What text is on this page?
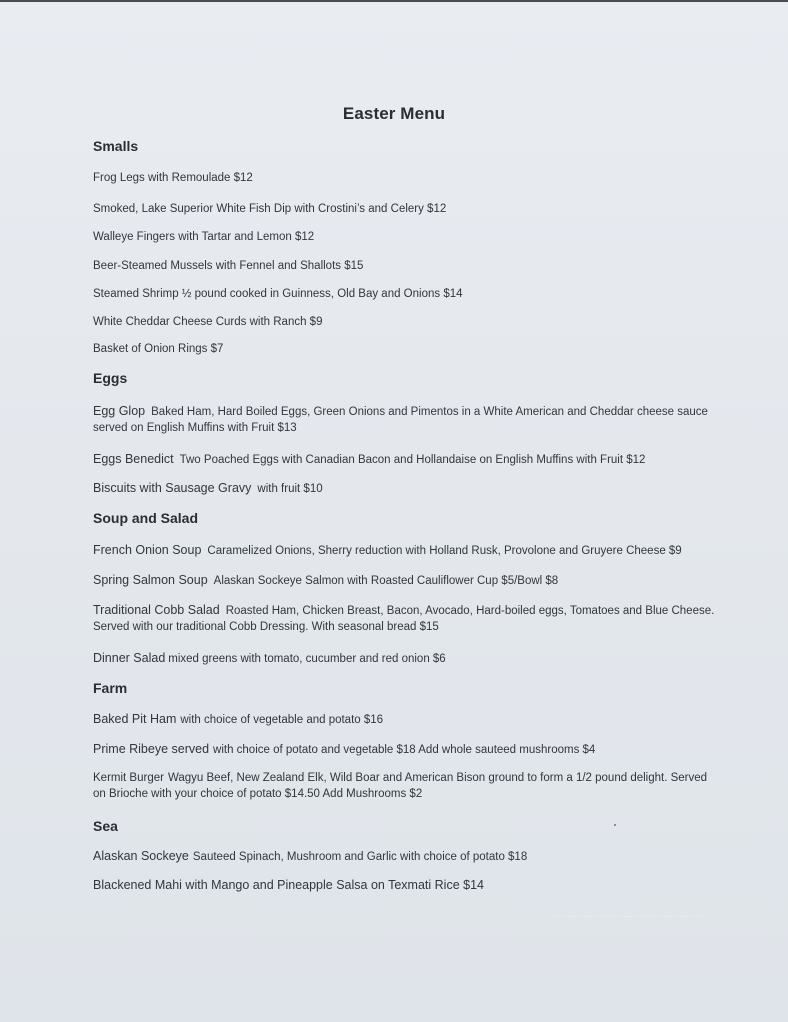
Easter Menu
Smalls
Frog Legs with Remoulade $12
Smoked, Lake Superior White Fish Dip with Crostini’s and Celery $12
Walleye Fingers with Tartar and Lemon $12
Beer-Steamed Mussels with Fennel and Shallots $15
Steamed Shrimp ½ pound cooked in Guinness, Old Bay and Onions $14
White Cheddar Cheese Curds with Ranch $9
Basket of Onion Rings $7
Eggs
Egg Glop Baked Ham, Hard Boiled Eggs, Green Onions and Pimentos in a White American and Cheddar cheese sauce served on English Muffins with Fruit $13
Eggs Benedict Two Poached Eggs with Canadian Bacon and Hollandaise on English Muffins with Fruit $12
Biscuits with Sausage Gravy with fruit $10
Soup and Salad
French Onion Soup Caramelized Onions, Sherry reduction with Holland Rusk, Provolone and Gruyere Cheese $9
Spring Salmon Soup Alaskan Sockeye Salmon with Roasted Cauliflower Cup $5/Bowl $8
Traditional Cobb Salad Roasted Ham, Chicken Breast, Bacon, Avocado, Hard-boiled eggs, Tomatoes and Blue Cheese. Served with our traditional Cobb Dressing. With seasonal bread $15
Dinner Salad mixed greens with tomato, cucumber and red onion $6
Farm
Baked Pit Ham with choice of vegetable and potato $16
Prime Ribeye served with choice of potato and vegetable $18 Add whole sauteed mushrooms $4
Kermit Burger Wagyu Beef, New Zealand Elk, Wild Boar and American Bison ground to form a 1/2 pound delight. Served on Brioche with your choice of potato $14.50 Add Mushrooms $2
Sea
Alaskan Sockeye Sauteed Spinach, Mushroom and Garlic with choice of potato $18
Blackened Mahi with Mango and Pineapple Salsa on Texmati Rice $14
